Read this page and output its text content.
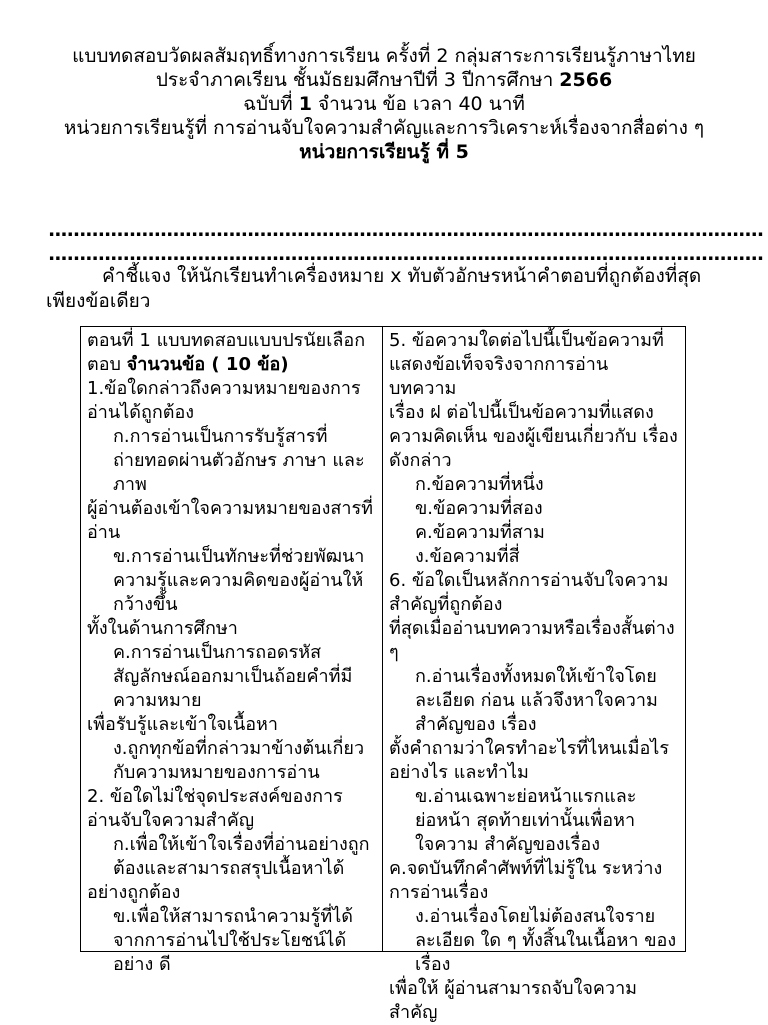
แบบทดสอบวัดผลสัมฤทธิ์ทางการเรียน ครั้งที่ 2 กลุ่มสาระการเรียนรู้ภาษาไทย
ประจำภาคเรียน ชั้นมัธยมศึกษาปีที่ 3 ปีการศึกษา 2566
ฉบับที่ 1 จำนวน ข้อ เวลา 40 นาที
หน่วยการเรียนรู้ที่ การอ่านจับใจความสำคัญและการวิเคราะห์เรื่องจากสื่อต่าง ๆ หน่วยการเรียนรู้ ที่ 5
...................................................................................................................
...................................................................................................................
คำชี้แจง ให้นักเรียนทำเครื่องหมาย x ทับตัวอักษรหน้าคำตอบที่ถูกต้องที่สุดเพียงข้อเดียว
ตอนที่ 1 แบบทดสอบแบบปรนัยเลือกตอบ จำนวนข้อ ( 10 ข้อ)
1.ข้อใดกล่าวถึงความหมายของการอ่านได้ถูกต้อง
ก.การอ่านเป็นการรับรู้สารที่ถ่ายทอดผ่านตัวอักษร ภาษา และภาพ
ผู้อ่านต้องเข้าใจความหมายของสารที่อ่าน
ข.การอ่านเป็นทักษะที่ช่วยพัฒนาความรู้และความคิดของผู้อ่านให้ กว้างขึ้น
ทั้งในด้านการศึกษา
ค.การอ่านเป็นการถอดรหัสสัญลักษณ์ออกมาเป็นถ้อยคำที่มีความหมาย
เพื่อรับรู้และเข้าใจเนื้อหา
ง.ถูกทุกข้อที่กล่าวมาข้างต้นเกี่ยวกับความหมายของการอ่าน
2. ข้อใดไม่ใช่จุดประสงค์ของการอ่านจับใจความสำคัญ
ก.เพื่อให้เข้าใจเรื่องที่อ่านอย่างถูกต้องและสามารถสรุปเนื้อหาได้
อย่างถูกต้อง
ข.เพื่อให้สามารถนำความรู้ที่ได้จากการอ่านไปใช้ประโยชน์ได้อย่าง ดี
5. ข้อความใดต่อไปนี้เป็นข้อความที่แสดงข้อเท็จจริงจากการอ่าน บทความ
เรื่อง ฝ ต่อไปนี้เป็นข้อความที่แสดง ความคิดเห็น ของผู้เขียนเกี่ยวกับ เรื่องดังกล่าว
ก.ข้อความที่หนึ่ง
ข.ข้อความที่สอง
ค.ข้อความที่สาม
ง.ข้อความที่สี่
6. ข้อใดเป็นหลักการอ่านจับใจความสำคัญที่ถูกต้อง
ที่สุดเมื่ออ่านบทความหรือเรื่องสั้นต่าง ๆ
ก.อ่านเรื่องทั้งหมดให้เข้าใจโดยละเอียด ก่อน แล้วจึงหาใจความสำคัญของ เรื่อง
ตั้งคำถามว่าใครทำอะไรที่ไหนเมื่อไรอย่างไร และทำไม
ข.อ่านเฉพาะย่อหน้าแรกและย่อหน้า สุดท้ายเท่านั้นเพื่อหาใจความ สำคัญของเรื่อง
ค.จดบันทึกคำศัพท์ที่ไม่รู้ใน ระหว่างการอ่านเรื่อง
ง.อ่านเรื่องโดยไม่ต้องสนใจรายละเอียด ใด ๆ ทั้งสิ้นในเนื้อหา ของเรื่อง
เพื่อให้ ผู้อ่านสามารถจับใจความสำคัญ
